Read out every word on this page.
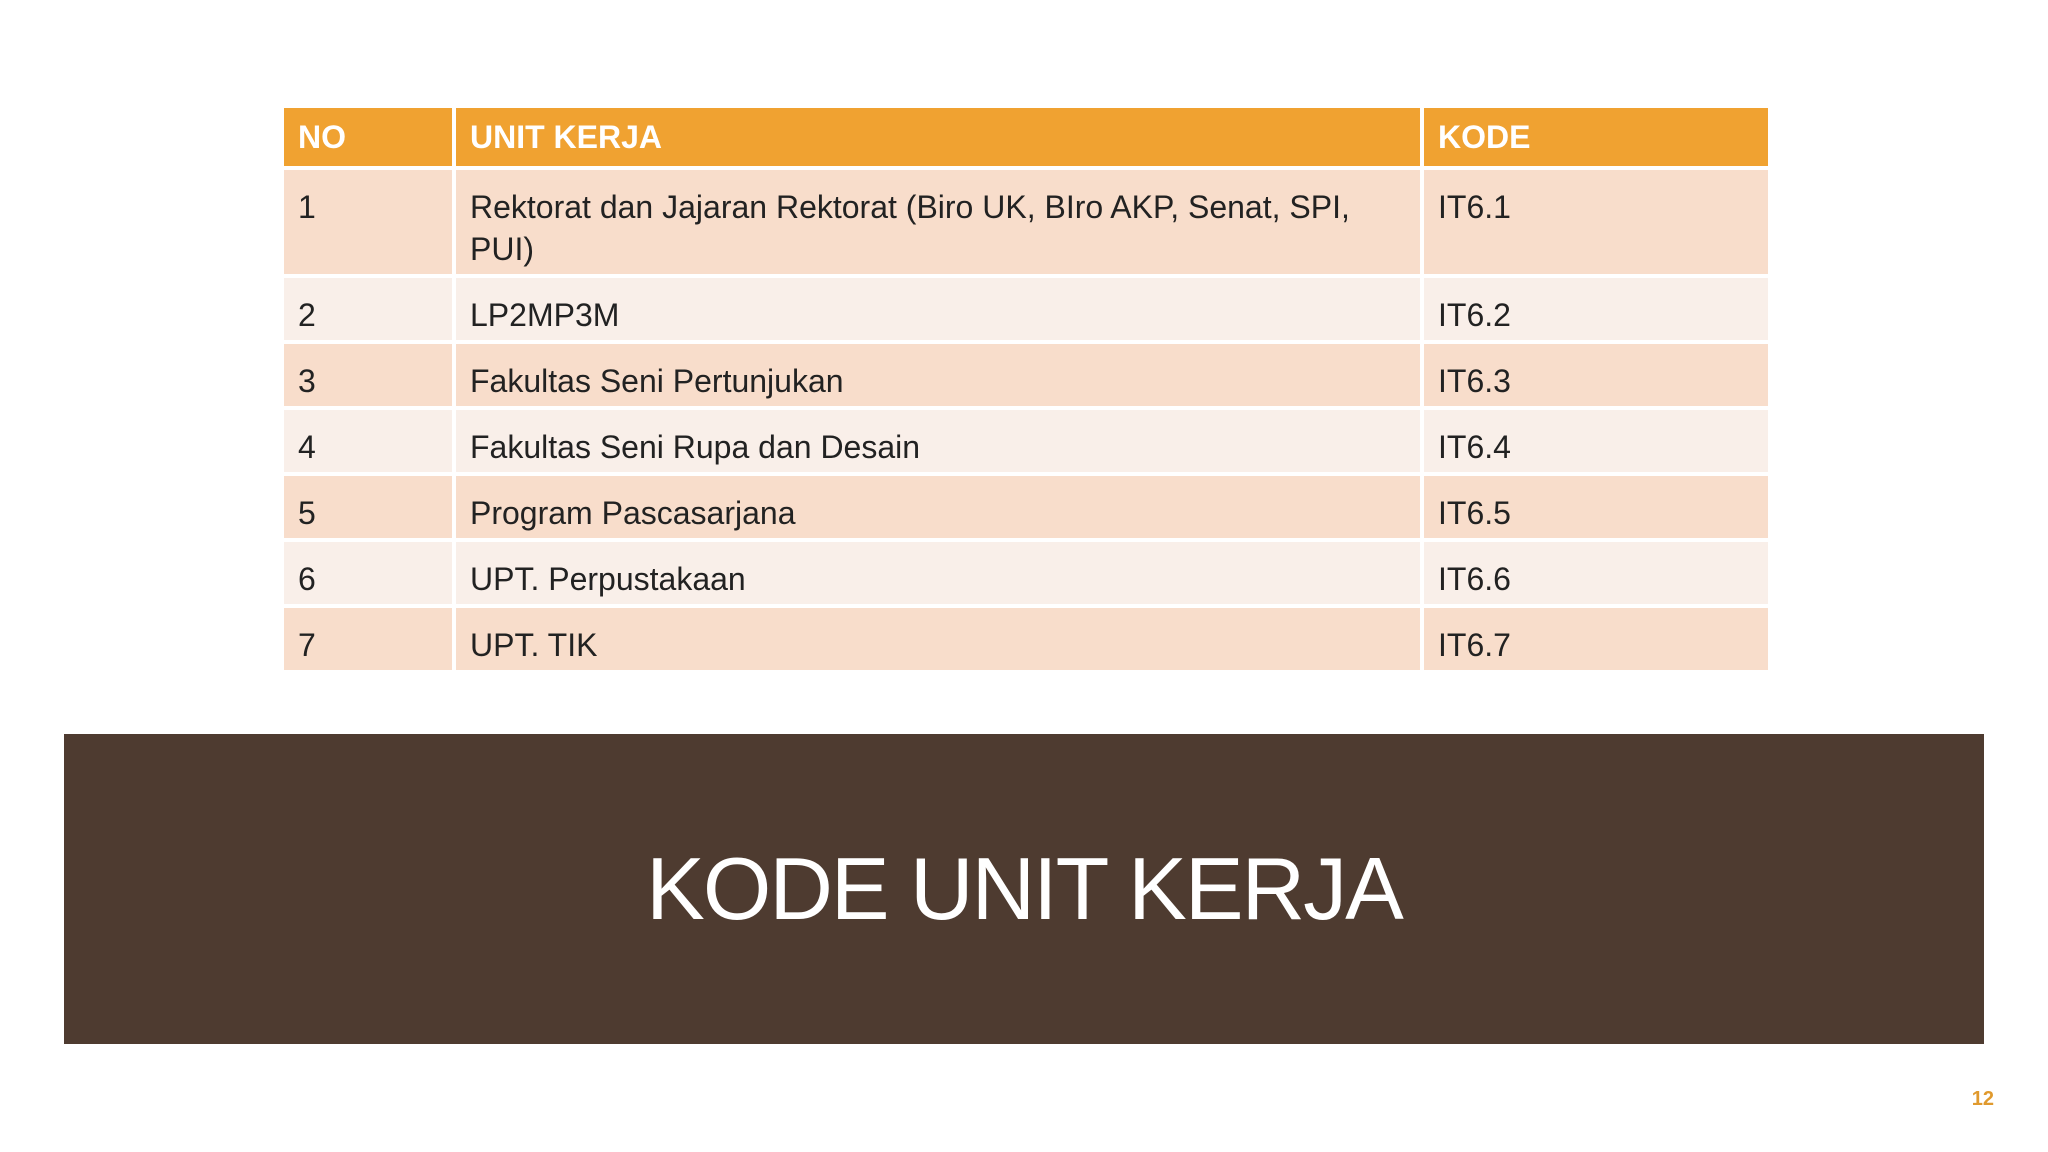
NO	UNIT KERJA	KODE
1	Rektorat dan Jajaran Rektorat (Biro UK, BIro AKP, Senat, SPI, PUI)	IT6.1
2	LP2MP3M	IT6.2
3	Fakultas Seni Pertunjukan	IT6.3
4	Fakultas Seni Rupa dan Desain	IT6.4
5	Program Pascasarjana	IT6.5
6	UPT. Perpustakaan	IT6.6
7	UPT. TIK	IT6.7
KODE UNIT KERJA
12
